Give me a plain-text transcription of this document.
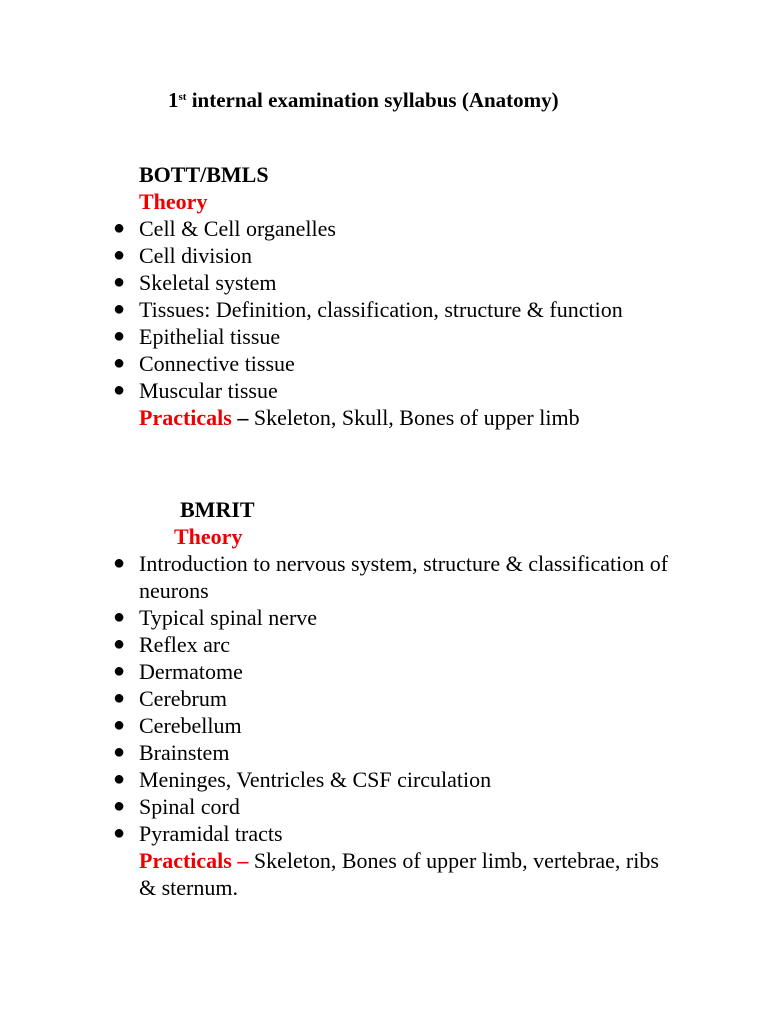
1st internal examination syllabus (Anatomy)
BOTT/BMLS
Theory
● Cell & Cell organelles
● Cell division
● Skeletal system
● Tissues: Definition, classification, structure & function
● Epithelial tissue
● Connective tissue
● Muscular tissue
Practicals – Skeleton, Skull, Bones of upper limb
BMRIT
Theory
● Introduction to nervous system, structure & classification of neurons
● Typical spinal nerve
● Reflex arc
● Dermatome
● Cerebrum
● Cerebellum
● Brainstem
● Meninges, Ventricles & CSF circulation
● Spinal cord
● Pyramidal tracts
Practicals – Skeleton, Bones of upper limb, vertebrae, ribs & sternum.
